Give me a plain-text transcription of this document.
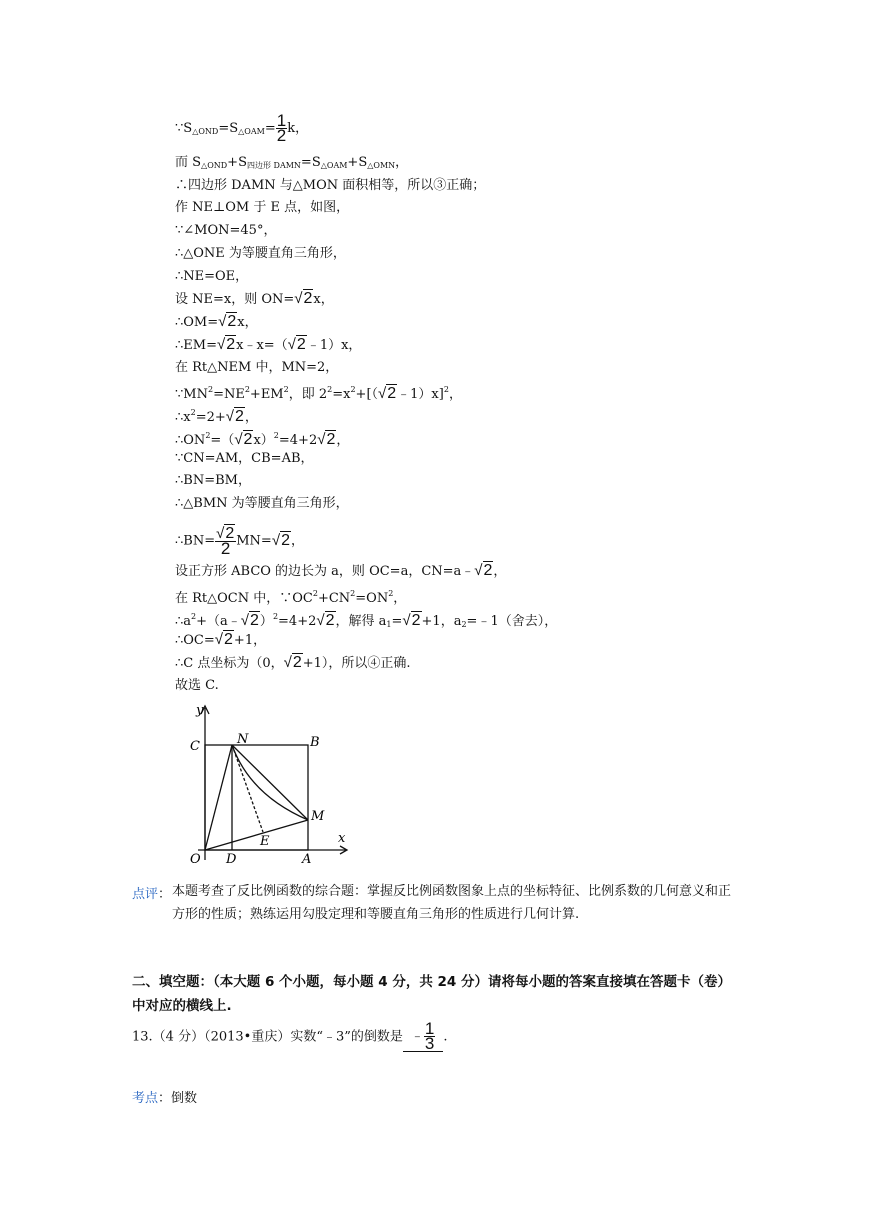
$\because S_{\triangle OND}=S_{\triangle OAM}= \frac{1}{2}$ k，
而 $S_{\triangle OND}+S_{四边形 DAMN}=S_{\triangle OAM}+S_{\triangle OMN}$，
∴四边形 DAMN 与△MON 面积相等，所以③正确；
作 NE⊥OM 于 E 点，如图，
∵∠MON=45°，
∴△ONE 为等腰直角三角形，
∴NE=OE，
设 NE=x，则 ON=√2x，
∴OM=√2x，
∴EM=√2x﹣x=（√2﹣1）x，
在 Rt△NEM 中，MN=2，
$\because MN^2=NE^2+EM^2$，即 $2^2=x^2+[(√2﹣1)x]^2$，
$\therefore x^2=2+√2$，
$\therefore ON^2=(√2x)^2=4+2√2$，
∵CN=AM，CB=AB，
∴BN=BM，
∴△BMN 为等腰直角三角形，
∴BN= $\frac{√2}{2} MN=√2$，
设正方形 ABCO 的边长为 a，则 OC=a，CN=a﹣√2，
在 Rt△OCN 中，$\because OC^2+CN^2=ON^2$，
$\therefore a^2+(a﹣√2)^2=4+2√2$，解得 $a_1=√2+1$，$a_2=﹣1$（舍去），
∴OC=√2+1，
∴C 点坐标为（0，√2+1），所以④正确.
故选 C.
y
x
O
C	N	B
M
E
D	A
点评： 本题考查了反比例函数的综合题：掌握反比例函数图象上点的坐标特征、比例系数的几何意义和正方形的性质；熟练运用勾股定理和等腰直角三角形的性质进行几何计算.
二、填空题：（本大题 6 个小题，每小题 4 分，共 24 分）请将每小题的答案直接填在答题卡（卷）中对应的横线上.
13.（4 分）（2013•重庆）实数“﹣3”的倒数是 ﹣ $\frac{1}{3}$ .
考点：倒数
